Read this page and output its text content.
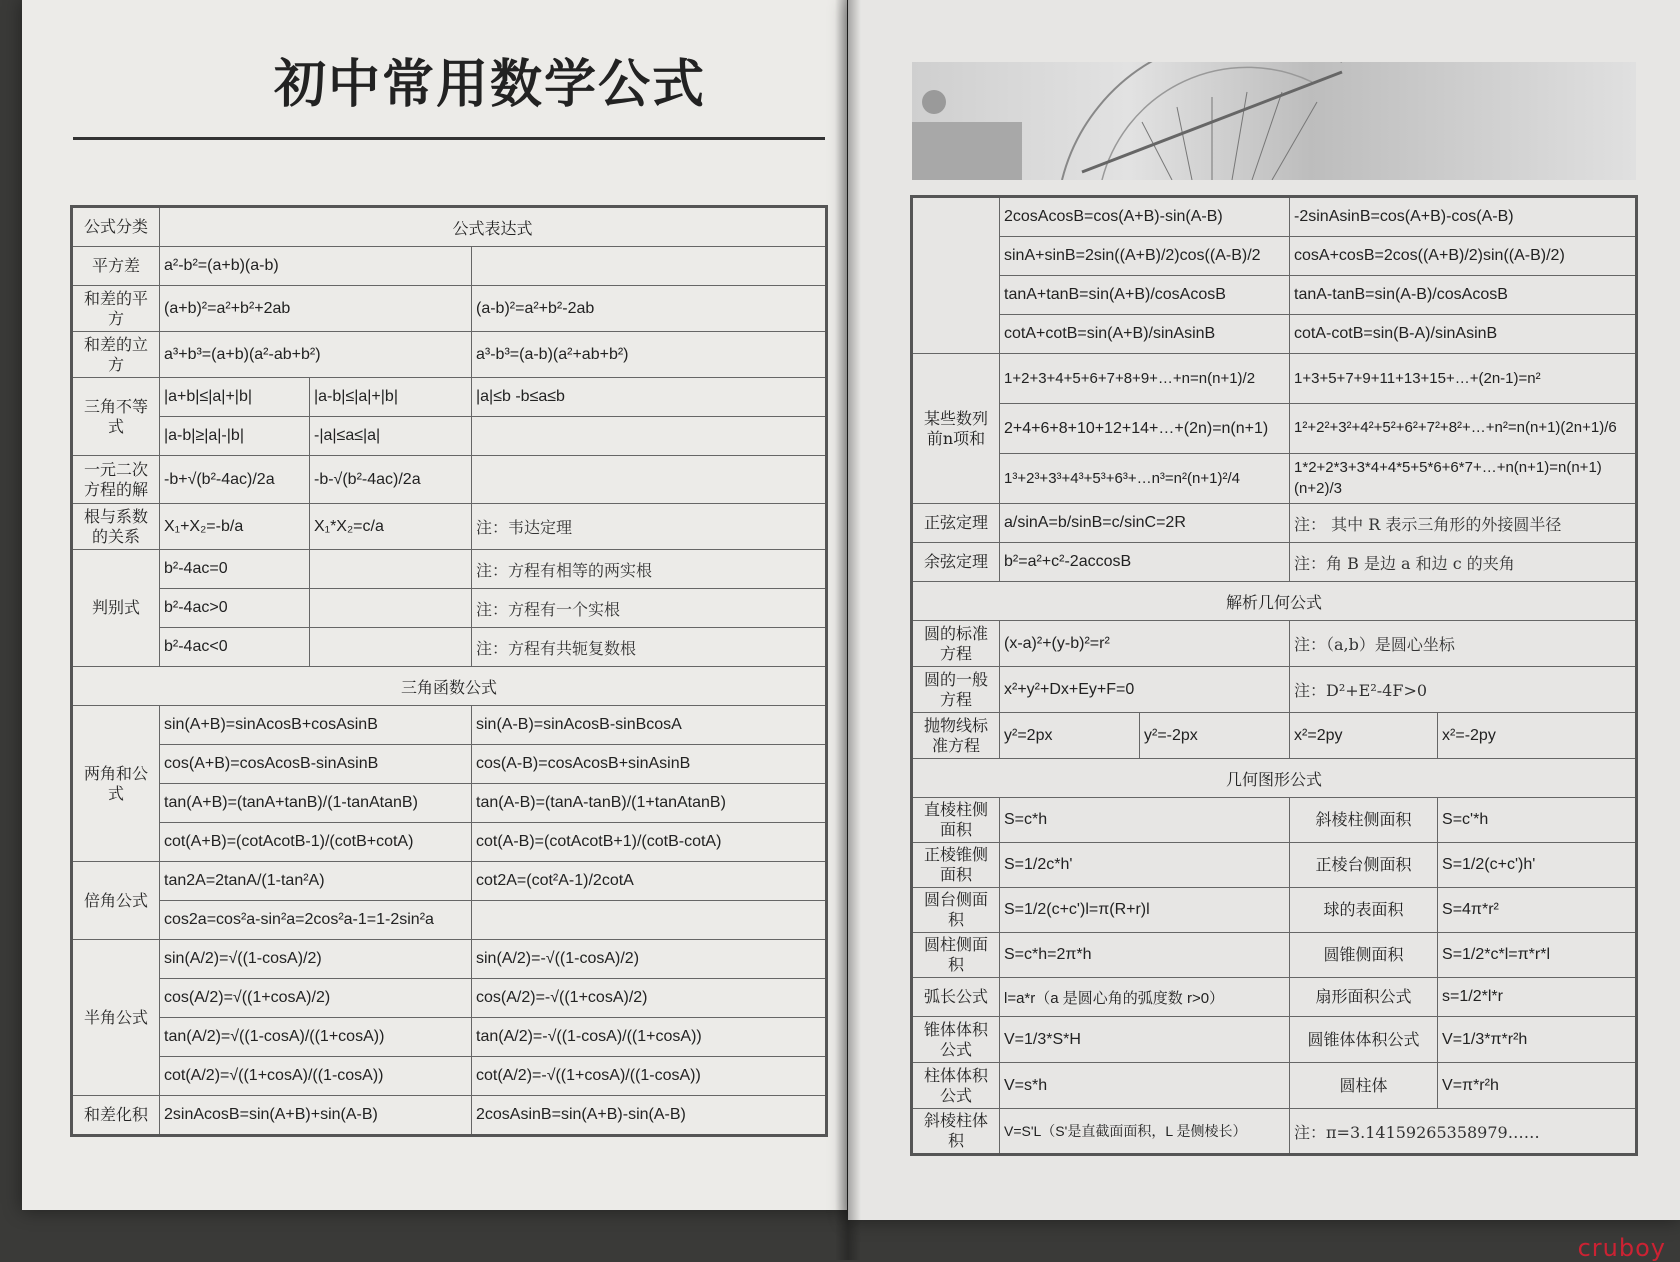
初中常用数学公式
公式分类	公式表达式		
平方差	a²-b²=(a+b)(a-b)		
和差的平方	(a+b)²=a²+b²+2ab		(a-b)²=a²+b²-2ab
和差的立方	a³+b³=(a+b)(a²-ab+b²)		a³-b³=(a-b)(a²+ab+b²)
三角不等式	|a+b|≤|a|+|b|	|a-b|≤|a|+|b|	|a|≤b -b≤a≤b
	|a-b|≥|a|-|b|	-|a|≤a≤|a|	
一元二次方程的解	-b+√(b²-4ac)/2a	-b-√(b²-4ac)/2a	
根与系数的关系	X₁+X₂=-b/a	X₁*X₂=c/a	注：韦达定理
判别式	b²-4ac=0		注：方程有相等的两实根
	b²-4ac>0		注：方程有一个实根
	b²-4ac<0		注：方程有共轭复数根
三角函数公式			
两角和公式	sin(A+B)=sinAcosB+cosAsinB		sin(A-B)=sinAcosB-sinBcosA
	cos(A+B)=cosAcosB-sinAsinB		cos(A-B)=cosAcosB+sinAsinB
	tan(A+B)=(tanA+tanB)/(1-tanAtanB)		tan(A-B)=(tanA-tanB)/(1+tanAtanB)
	cot(A+B)=(cotAcotB-1)/(cotB+cotA)		cot(A-B)=(cotAcotB+1)/(cotB-cotA)
倍角公式	tan2A=2tanA/(1-tan²A)		cot2A=(cot²A-1)/2cotA
	cos2a=cos²a-sin²a=2cos²a-1=1-2sin²a		
半角公式	sin(A/2)=√((1-cosA)/2)		sin(A/2)=-√((1-cosA)/2)
	cos(A/2)=√((1+cosA)/2)		cos(A/2)=-√((1+cosA)/2)
	tan(A/2)=√((1-cosA)/((1+cosA))		tan(A/2)=-√((1-cosA)/((1+cosA))
	cot(A/2)=√((1+cosA)/((1-cosA))		cot(A/2)=-√((1+cosA)/((1-cosA))
和差化积	2sinAcosB=sin(A+B)+sin(A-B)		2cosAsinB=sin(A+B)-sin(A-B)
	2cosAcosB=cos(A+B)-sin(A-B)		-2sinAsinB=cos(A+B)-cos(A-B)	
	sinA+sinB=2sin((A+B)/2)cos((A-B)/2		cosA+cosB=2cos((A+B)/2)sin((A-B)/2)	
	tanA+tanB=sin(A+B)/cosAcosB		tanA-tanB=sin(A-B)/cosAcosB	
	cotA+cotB=sin(A+B)/sinAsinB		cotA-cotB=sin(B-A)/sinAsinB	
某些数列前n项和	1+2+3+4+5+6+7+8+9+…+n=n(n+1)/2		1+3+5+7+9+11+13+15+…+(2n-1)=n²	
	2+4+6+8+10+12+14+…+(2n)=n(n+1)		1²+2²+3²+4²+5²+6²+7²+8²+…+n²=n(n+1)(2n+1)/6	
	1³+2³+3³+4³+5³+6³+…n³=n²(n+1)²/4		1*2+2*3+3*4+4*5+5*6+6*7+…+n(n+1)=n(n+1)(n+2)/3	
正弦定理	a/sinA=b/sinB=c/sinC=2R		注： 其中 R 表示三角形的外接圆半径	
余弦定理	b²=a²+c²-2accosB		注：角 B 是边 a 和边 c 的夹角	
解析几何公式				
圆的标准方程	(x-a)²+(y-b)²=r²		注：（a,b）是圆心坐标	
圆的一般方程	x²+y²+Dx+Ey+F=0		注：D²+E²-4F>0	
抛物线标准方程	y²=2px	y²=-2px	x²=2py	x²=-2py
几何图形公式				
直棱柱侧面积	S=c*h		斜棱柱侧面积	S=c'*h
正棱锥侧面积	S=1/2c*h'		正棱台侧面积	S=1/2(c+c')h'
圆台侧面积	S=1/2(c+c')l=π(R+r)l		球的表面积	S=4π*r²
圆柱侧面积	S=c*h=2π*h		圆锥侧面积	S=1/2*c*l=π*r*l
弧长公式	l=a*r（a 是圆心角的弧度数 r>0）		扇形面积公式	s=1/2*l*r
锥体体积公式	V=1/3*S*H		圆锥体体积公式	V=1/3*π*r²h
柱体体积公式	V=s*h		圆柱体	V=π*r²h
斜棱柱体积	V=S'L（S'是直截面面积，L 是侧棱长）		注：π=3.14159265358979……	
cruboy
